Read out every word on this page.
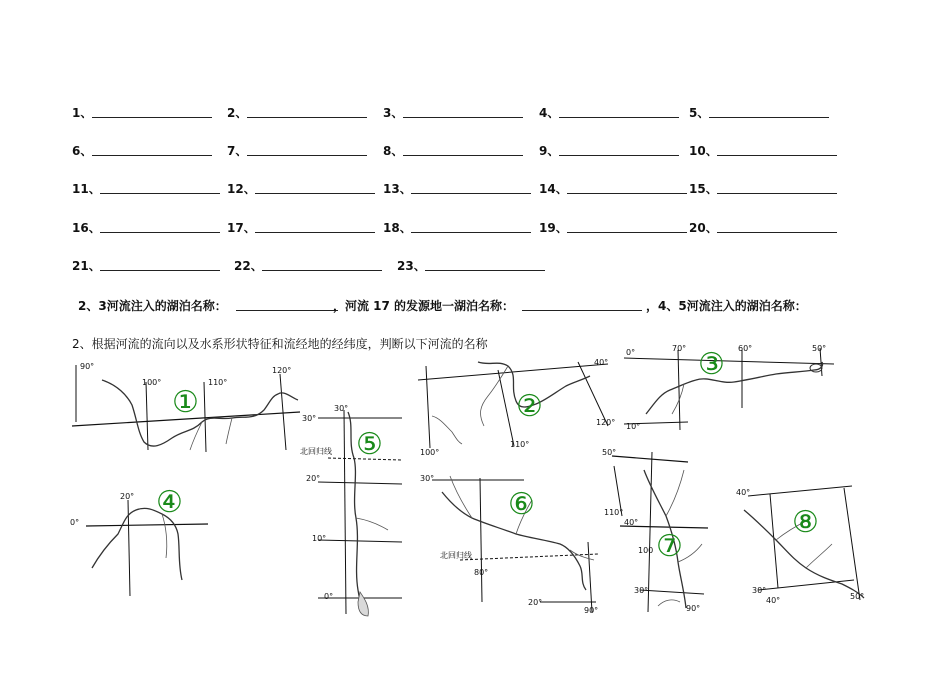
1、	2、	3、	4、	5、
6、	7、	8、	9、	10、
11、	12、	13、	14、	15、
16、	17、	18、	19、	20、
21、	22、	23、
2、3河流注入的湖泊名称：	，河流 17 的发源地一湖泊名称：	，4、5河流注入的湖泊名称：
2、根据河流的流向以及水系形状特征和流经地的经纬度，判断以下河流的名称
①
90°
100°	110°
120°
②
40°
110°
100°
120°
③
70°	60°	50°
0°
10°
④
20°
0°
⑤
30°
30°
北回归线
20°
10°
0°
⑥
30°
北回归线
80°
20°
90°
⑦
50°
110°
40°
100
30°
90°
⑧
40°
30°
40°	50°
